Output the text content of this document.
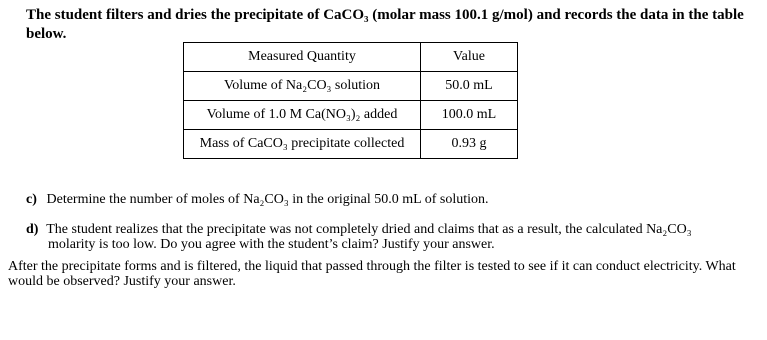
The student filters and dries the precipitate of CaCO₃ (molar mass 100.1 g/mol) and records the data in the table below.
Measured Quantity	Value
Volume of Na₂CO₃ solution	50.0 mL
Volume of 1.0 M Ca(NO₃)₂ added	100.0 mL
Mass of CaCO₃ precipitate collected	0.93 g
c) Determine the number of moles of Na₂CO₃ in the original 50.0 mL of solution.
d) The student realizes that the precipitate was not completely dried and claims that as a result, the calculated Na₂CO₃
molarity is too low. Do you agree with the student’s claim? Justify your answer.
After the precipitate forms and is filtered, the liquid that passed through the filter is tested to see if it can conduct electricity. What would be observed? Justify your answer.
